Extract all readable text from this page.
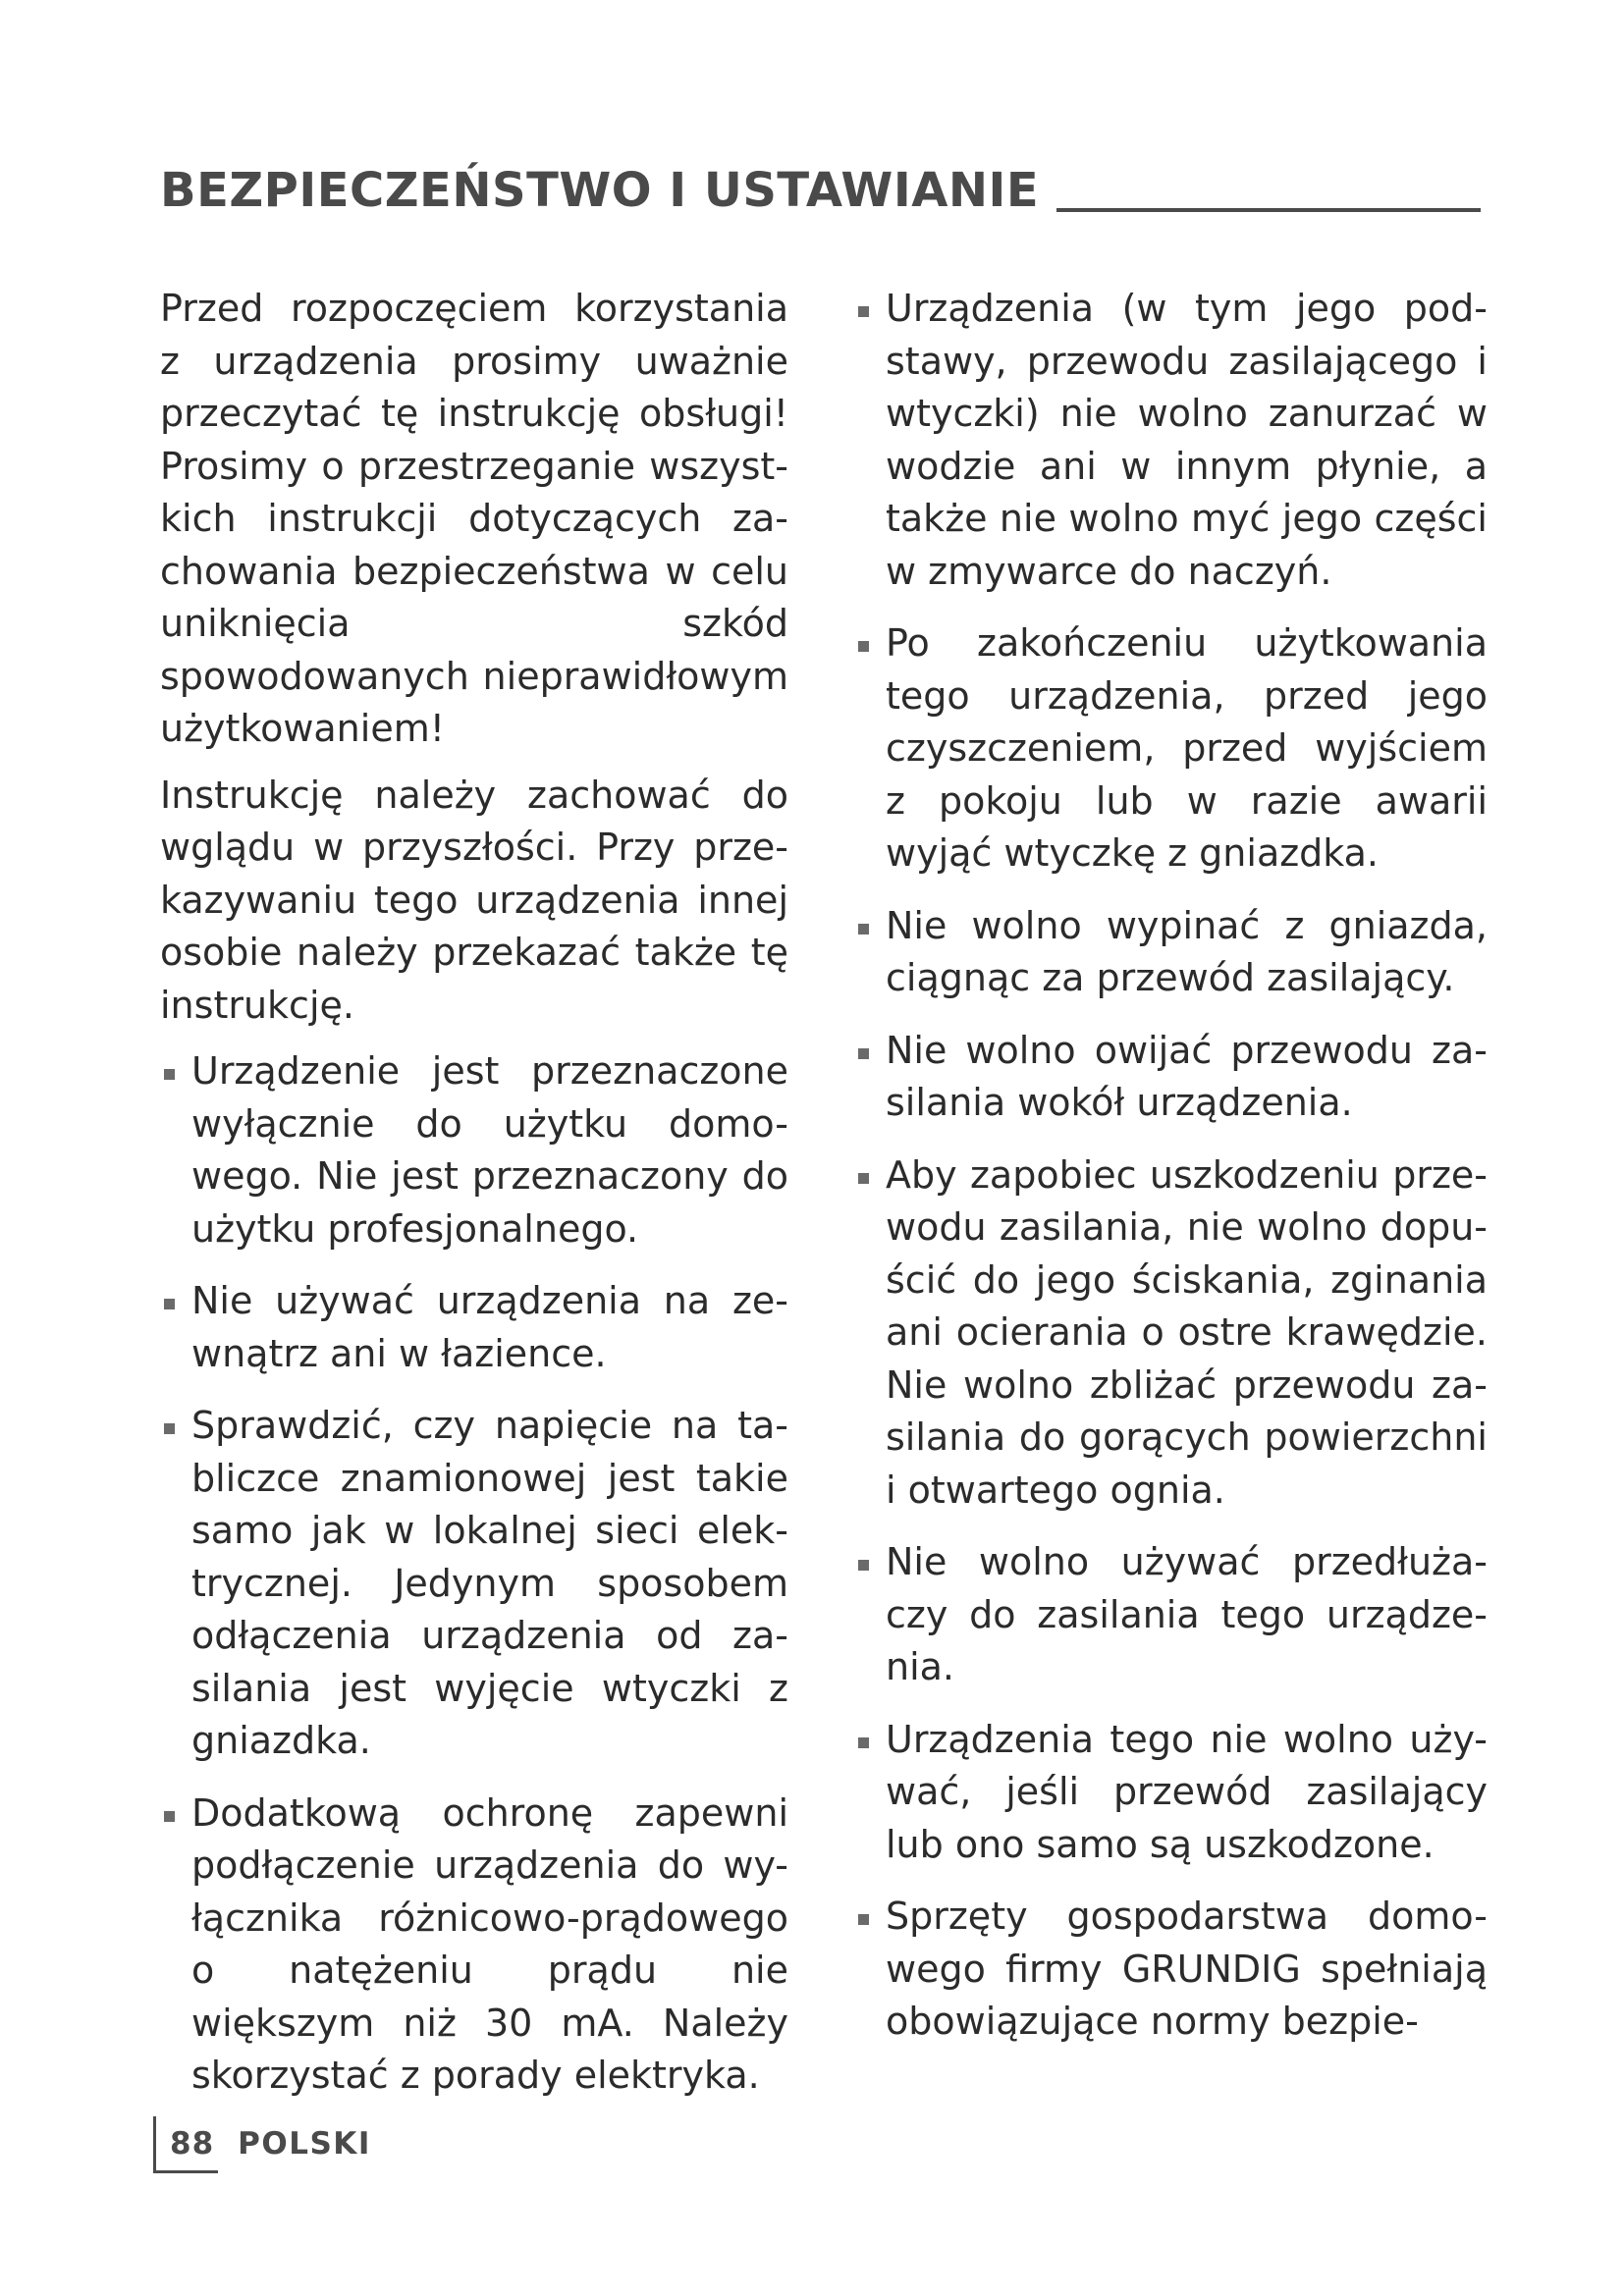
BEZPIECZEŃSTWO I USTAWIANIE

Przed rozpoczęciem korzystania z urządzenia prosimy uważnie przeczytać tę instrukcję obsługi! Prosimy o przestrzeganie wszyst-kich instrukcji dotyczących za-chowania bezpieczeństwa w celu uniknięcia szkód spowodowanych nieprawidłowym użytkowaniem!

Instrukcję należy zachować do wglądu w przyszłości. Przy prze-kazywaniu tego urządzenia innej osobie należy przekazać także tę instrukcję.

Urządzenie jest przeznaczone wyłącznie do użytku domo-wego. Nie jest przeznaczony do użytku profesjonalnego.
Nie używać urządzenia na ze-wnątrz ani w łazience.
Sprawdzić, czy napięcie na ta-bliczce znamionowej jest takie samo jak w lokalnej sieci elek-trycznej. Jedynym sposobem odłączenia urządzenia od za-silania jest wyjęcie wtyczki z gniazdka.
Dodatkową ochronę zapewni podłączenie urządzenia do wy-łącznika różnicowo-prądowego o natężeniu prądu nie większym niż 30 mA. Należy skorzystać z porady elektryka.
Urządzenia (w tym jego pod-stawy, przewodu zasilającego i wtyczki) nie wolno zanurzać w wodzie ani w innym płynie, a także nie wolno myć jego części w zmywarce do naczyń.
Po zakończeniu użytkowania tego urządzenia, przed jego czyszczeniem, przed wyjściem z pokoju lub w razie awarii wyjąć wtyczkę z gniazdka.
Nie wolno wypinać z gniazda, ciągnąc za przewód zasilający.
Nie wolno owijać przewodu za-silania wokół urządzenia.
Aby zapobiec uszkodzeniu prze-wodu zasilania, nie wolno dopu-ścić do jego ściskania, zginania ani ocierania o ostre krawędzie. Nie wolno zbliżać przewodu za-silania do gorących powierzchni i otwartego ognia.
Nie wolno używać przedłuża-czy do zasilania tego urządze-nia.
Urządzenia tego nie wolno uży-wać, jeśli przewód zasilający lub ono samo są uszkodzone.
Sprzęty gospodarstwa domo-wego firmy GRUNDIG spełniają obowiązujące normy bezpie-
88 POLSKI
